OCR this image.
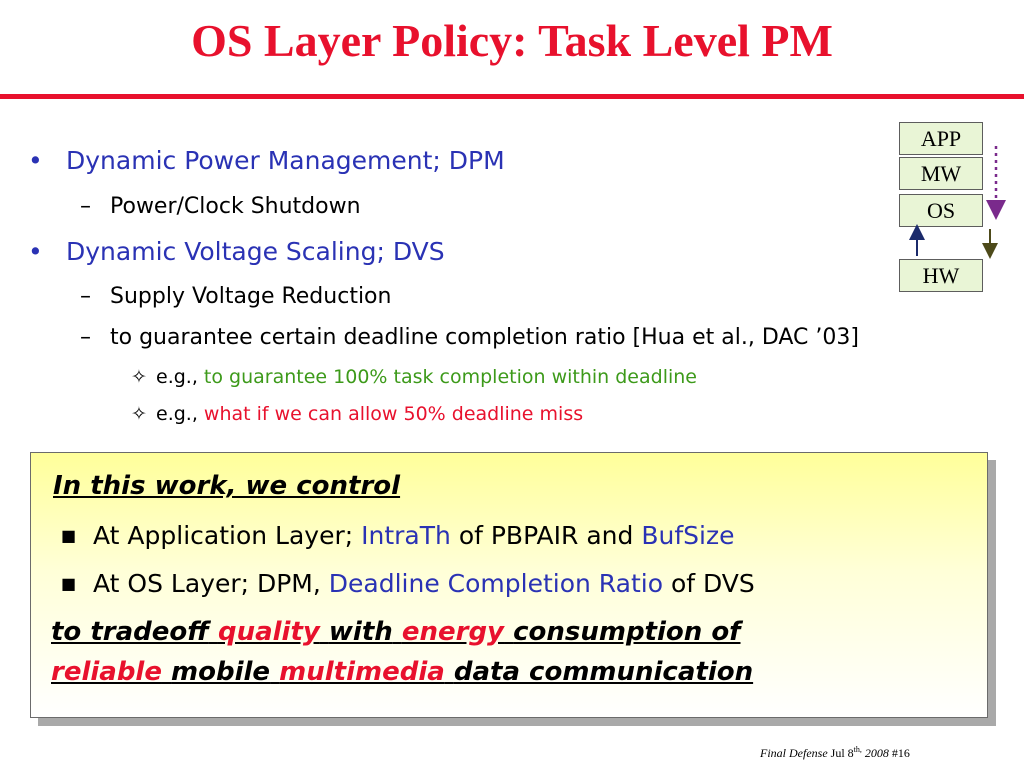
OS Layer Policy: Task Level PM
• Dynamic Power Management; DPM
– Power/Clock Shutdown
• Dynamic Voltage Scaling; DVS
– Supply Voltage Reduction
– to guarantee certain deadline completion ratio [Hua et al., DAC ’03]
✧ e.g., to guarantee 100% task completion within deadline
✧ e.g., what if we can allow 50% deadline miss
APP
MW
OS
HW
In this work, we control
■ At Application Layer; IntraTh of PBPAIR and BufSize
■ At OS Layer; DPM, Deadline Completion Ratio of DVS
to tradeoff quality with energy consumption of
reliable mobile multimedia data communication
Final Defense Jul $8^{th,}$ 2008 #16
